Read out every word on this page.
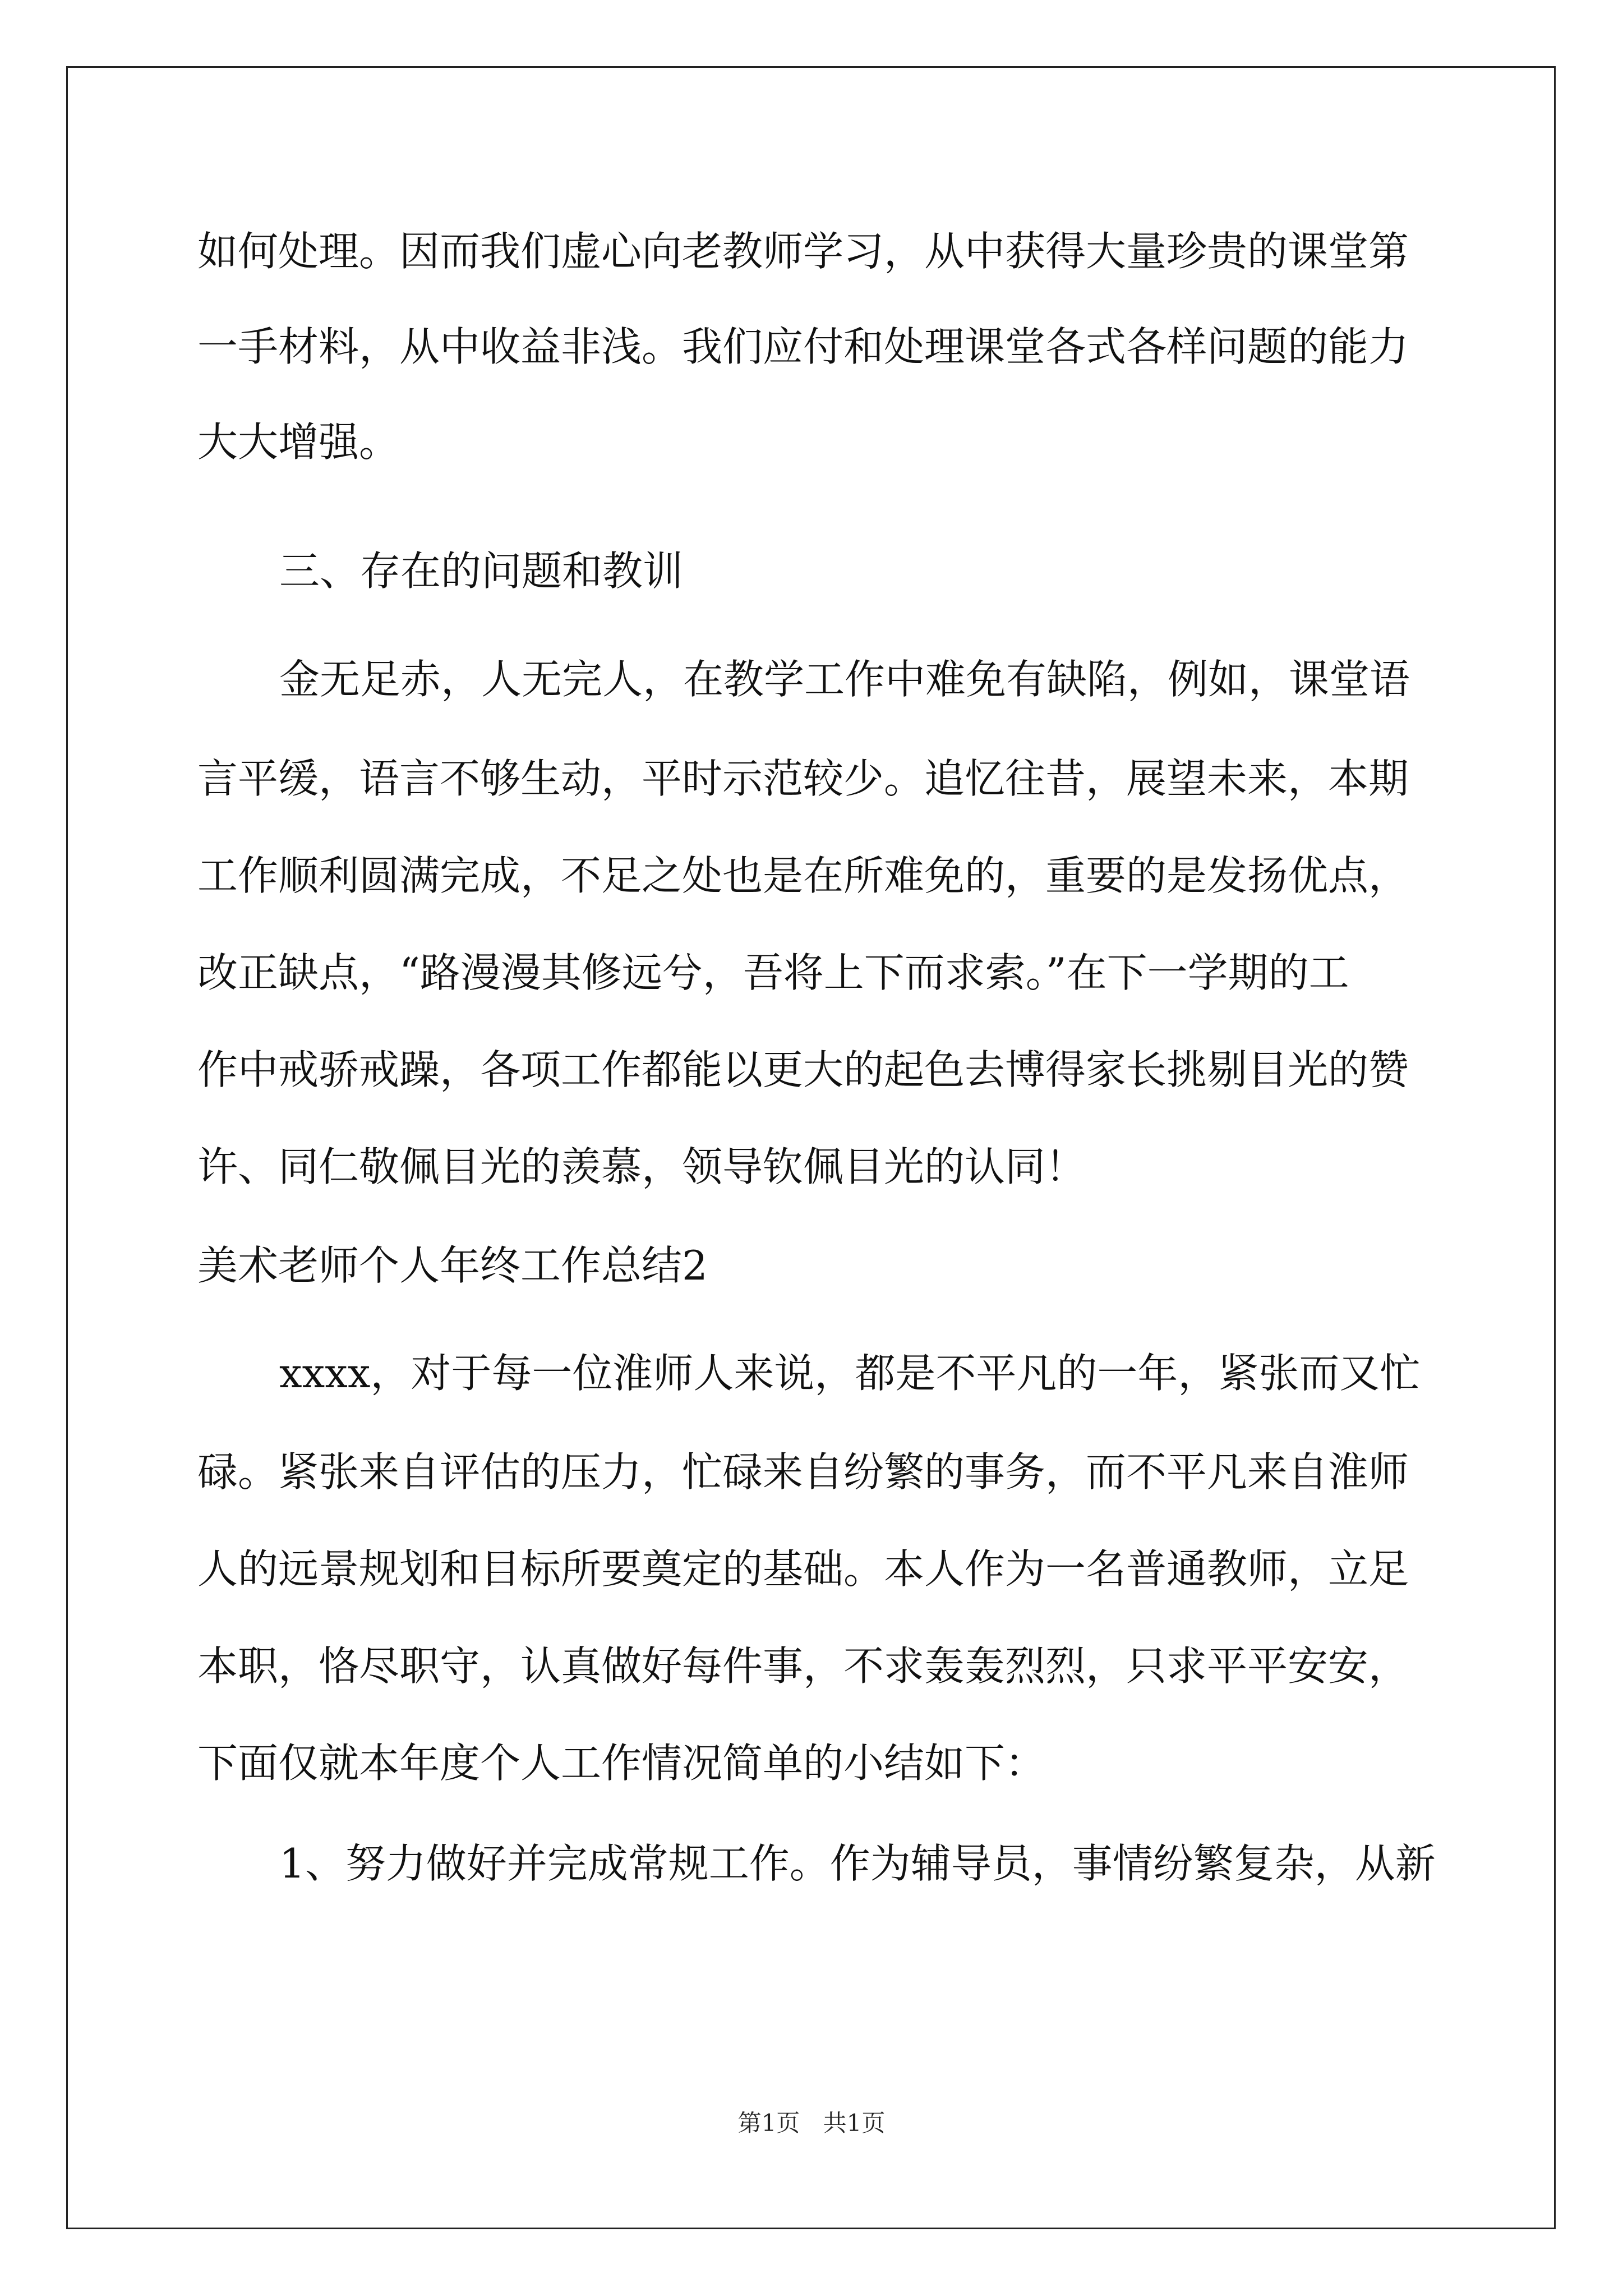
如何处理。因而我们虚心向老教师学习，从中获得大量珍贵的课堂第
一手材料，从中收益非浅。我们应付和处理课堂各式各样问题的能力
大大增强。
三、存在的问题和教训
金无足赤，人无完人，在教学工作中难免有缺陷，例如，课堂语
言平缓，语言不够生动，平时示范较少。追忆往昔，展望未来，本期
工作顺利圆满完成，不足之处也是在所难免的，重要的是发扬优点，
改正缺点，“路漫漫其修远兮，吾将上下而求索。”在下一学期的工
作中戒骄戒躁，各项工作都能以更大的起色去博得家长挑剔目光的赞
许、同仁敬佩目光的羡慕，领导钦佩目光的认同！
美术老师个人年终工作总结2
xxxx，对于每一位淮师人来说，都是不平凡的一年，紧张而又忙
碌。紧张来自评估的压力，忙碌来自纷繁的事务，而不平凡来自淮师
人的远景规划和目标所要奠定的基础。本人作为一名普通教师，立足
本职，恪尽职守，认真做好每件事，不求轰轰烈烈，只求平平安安，
下面仅就本年度个人工作情况简单的小结如下：
1、努力做好并完成常规工作。作为辅导员，事情纷繁复杂，从新
第1页 共1页
